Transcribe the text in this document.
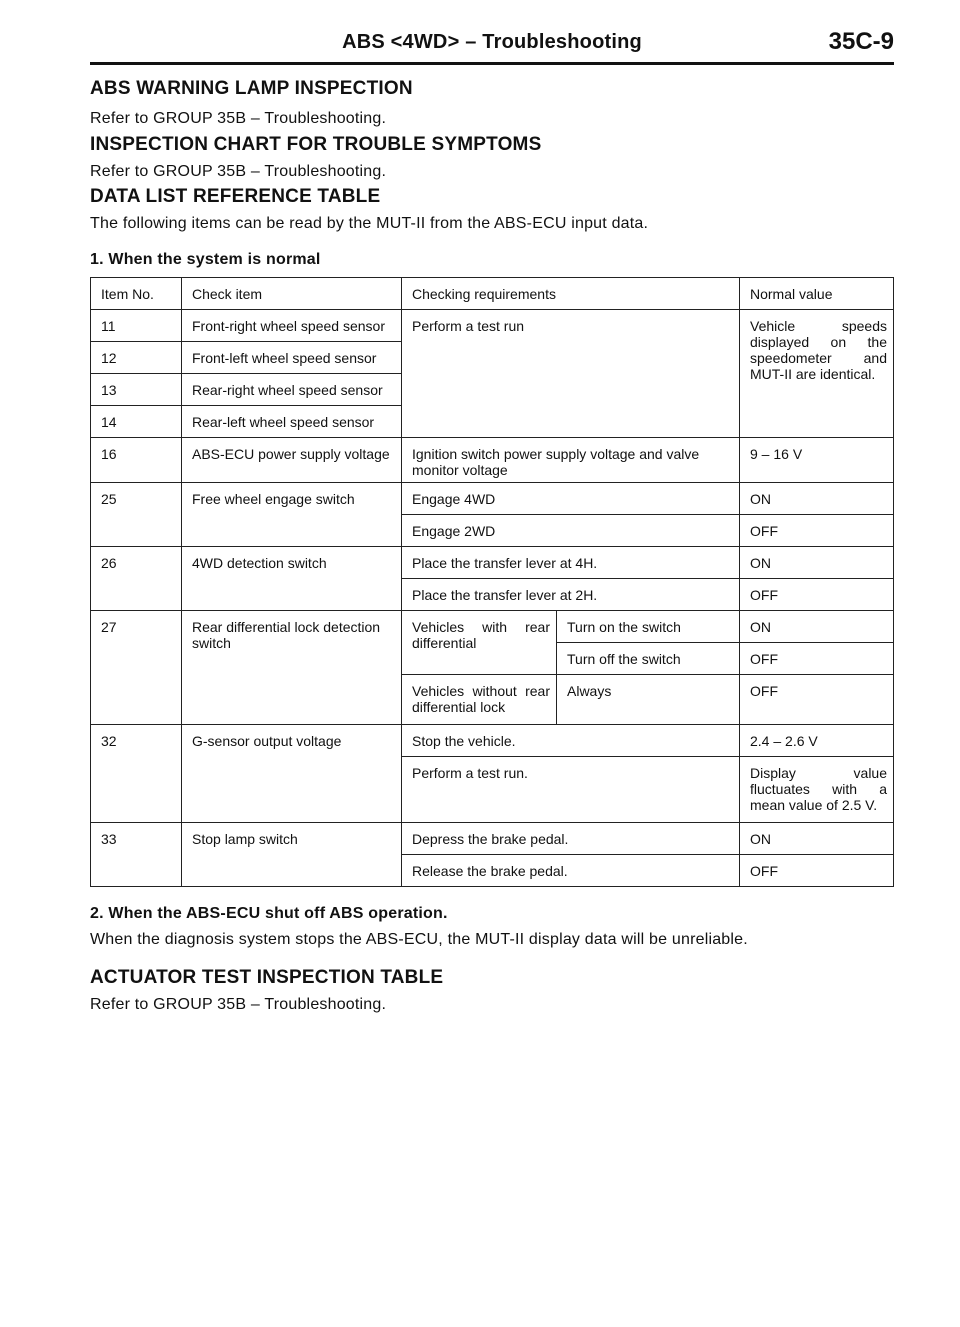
ABS <4WD> – Troubleshooting	35C-9
ABS WARNING LAMP INSPECTION
Refer to GROUP 35B – Troubleshooting.
INSPECTION CHART FOR TROUBLE SYMPTOMS
Refer to GROUP 35B – Troubleshooting.
DATA LIST REFERENCE TABLE
The following items can be read by the MUT-II from the ABS-ECU input data.
1. When the system is normal
Item No.	Check item	Checking requirements		Normal value
11	Front-right wheel speed sensor	Perform a test run		Vehicle speeds displayed on the speedometer and MUT-II are identical.
12	Front-left wheel speed sensor			
13	Rear-right wheel speed sensor			
14	Rear-left wheel speed sensor			
16	ABS-ECU power supply voltage	Ignition switch power supply voltage and valve monitor voltage		9 – 16 V
25	Free wheel engage switch	Engage 4WD		ON
		Engage 2WD		OFF
26	4WD detection switch	Place the transfer lever at 4H.		ON
		Place the transfer lever at 2H.		OFF
27	Rear differential lock detection switch	Vehicles with rear differential	Turn on the switch	ON
			Turn off the switch	OFF
		Vehicles without rear differential lock	Always	OFF
32	G-sensor output voltage	Stop the vehicle.		2.4 – 2.6 V
		Perform a test run.		Display value fluctuates with a mean value of 2.5 V.
33	Stop lamp switch	Depress the brake pedal.		ON
		Release the brake pedal.		OFF
2. When the ABS-ECU shut off ABS operation.
When the diagnosis system stops the ABS-ECU, the MUT-II display data will be unreliable.
ACTUATOR TEST INSPECTION TABLE
Refer to GROUP 35B – Troubleshooting.
